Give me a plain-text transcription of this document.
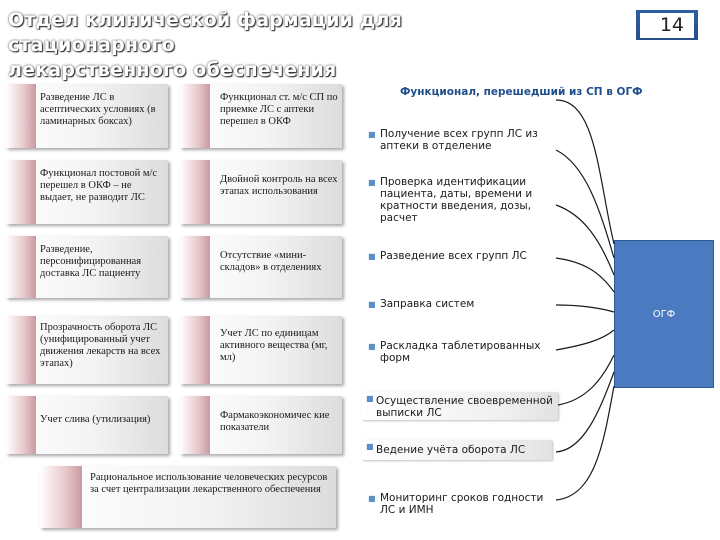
Отдел клинической фармации для стационарного
лекарственного обеспечения
14
Разведение ЛС в асептических условиях (в ламинарных боксах)
Функционал постовой м/с перешел в ОКФ – не выдает, не разводит ЛС
Разведение, персонифицированная доставка ЛС пациенту
Прозрачность оборота ЛС (унифицированный учет движения лекарств на всех этапах)
Учет слива (утилизация)
Функционал ст. м/с СП по приемке ЛС с аптеки перешел в ОКФ
Двойной контроль на всех этапах использования
Отсутствие «мини-складов» в отделениях
Учет ЛС по единицам активного вещества (мг, мл)
Фармакоэкономичес кие показатели
Рациональное использование человеческих ресурсов за счет централизации лекарственного обеспечения
Функционал, перешедший из СП в ОГФ
■ Получение всех групп ЛС из аптеки в отделение
■ Проверка идентификации пациента, даты, времени и кратности введения, дозы, расчет
■ Разведение всех групп ЛС
■ Заправка систем
■ Раскладка таблетированных форм
■ Осуществление своевременной выписки ЛС
■ Ведение учёта оборота ЛС
■ Мониторинг сроков годности ЛС и ИМН
ОГФ
